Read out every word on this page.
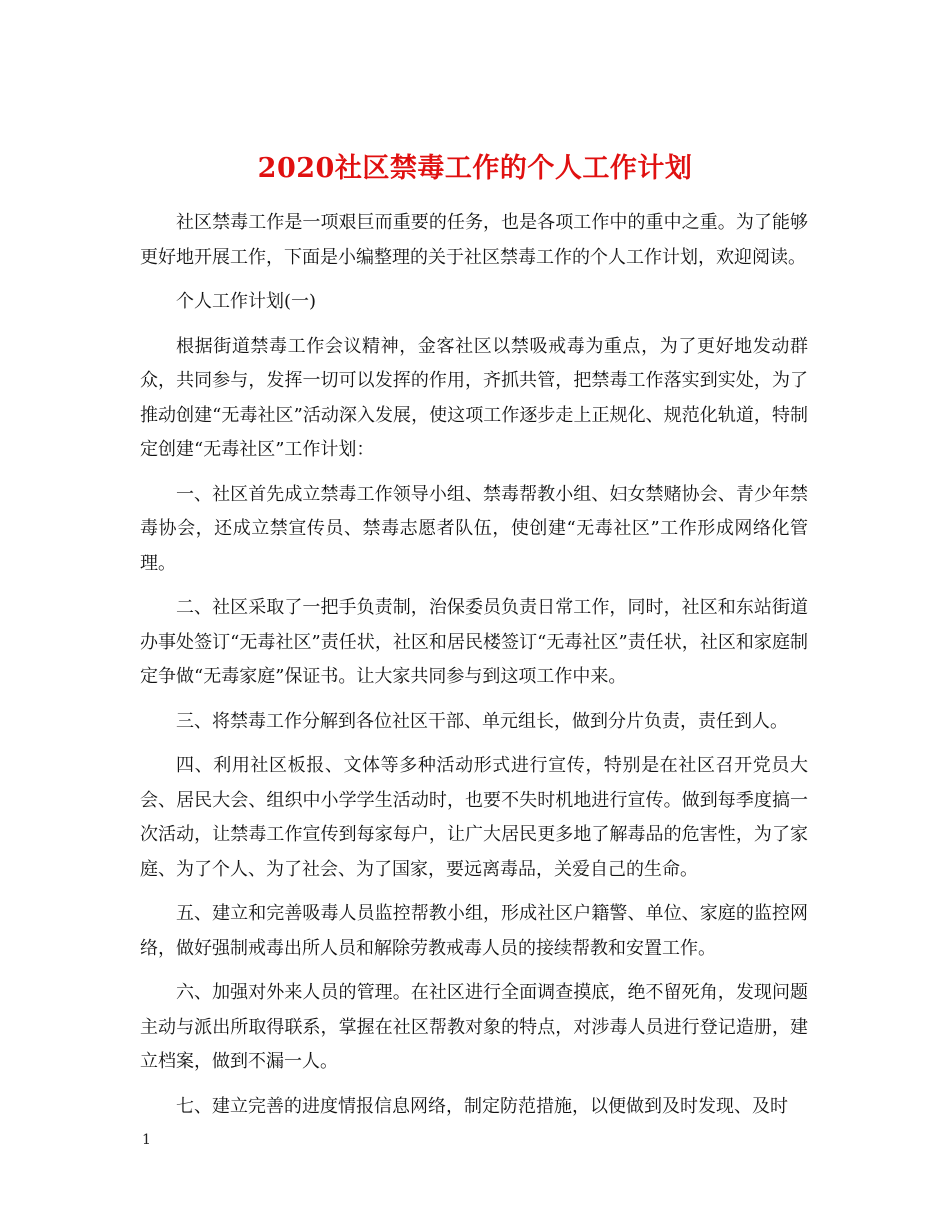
2020社区禁毒工作的个人工作计划

社区禁毒工作是一项艰巨而重要的任务，也是各项工作中的重中之重。为了能够更好地开展工作，下面是小编整理的关于社区禁毒工作的个人工作计划，欢迎阅读。

个人工作计划(一)

根据街道禁毒工作会议精神，金客社区以禁吸戒毒为重点，为了更好地发动群众，共同参与，发挥一切可以发挥的作用，齐抓共管，把禁毒工作落实到实处，为了推动创建“无毒社区”活动深入发展，使这项工作逐步走上正规化、规范化轨道，特制定创建“无毒社区”工作计划：

一、社区首先成立禁毒工作领导小组、禁毒帮教小组、妇女禁赌协会、青少年禁毒协会，还成立禁宣传员、禁毒志愿者队伍，使创建“无毒社区”工作形成网络化管理。

二、社区采取了一把手负责制，治保委员负责日常工作，同时，社区和东站街道办事处签订“无毒社区”责任状，社区和居民楼签订“无毒社区”责任状，社区和家庭制定争做“无毒家庭”保证书。让大家共同参与到这项工作中来。

三、将禁毒工作分解到各位社区干部、单元组长，做到分片负责，责任到人。

四、利用社区板报、文体等多种活动形式进行宣传，特别是在社区召开党员大会、居民大会、组织中小学学生活动时，也要不失时机地进行宣传。做到每季度搞一次活动，让禁毒工作宣传到每家每户，让广大居民更多地了解毒品的危害性，为了家庭、为了个人、为了社会、为了国家，要远离毒品，关爱自己的生命。

五、建立和完善吸毒人员监控帮教小组，形成社区户籍警、单位、家庭的监控网络，做好强制戒毒出所人员和解除劳教戒毒人员的接续帮教和安置工作。

六、加强对外来人员的管理。在社区进行全面调查摸底，绝不留死角，发现问题主动与派出所取得联系，掌握在社区帮教对象的特点，对涉毒人员进行登记造册，建立档案，做到不漏一人。

七、建立完善的进度情报信息网络，制定防范措施，以便做到及时发现、及时

1
